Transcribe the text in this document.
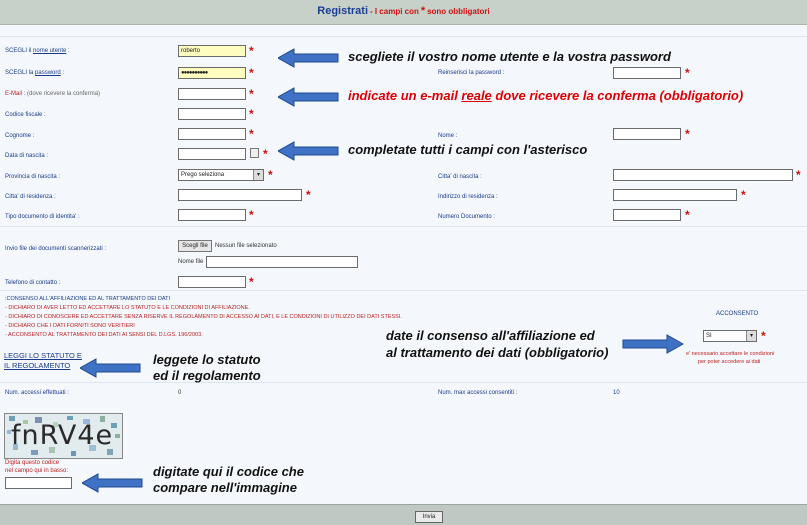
Registrati - I campi con * sono obbligatori
SCEGLI il nome utente :	roberto	*
SCEGLI la password :	●●●●●●●●●●	*	Reinserisci la password :	*
E-Mail : (dove ricevere la conferma)	*
Codice fiscale :	*
Cognome :	*	Nome :	*
Data di nascita :	*
Provincia di nascita :	Prego seleziona	▾ *	Citta' di nascita :	*
Citta' di residenza :	*	Indirizzo di residenza :	*
Tipo documento di identita' :	*	Numero Documento :	*
Invio file dei documenti scannerizzati :	Scegli file	Nessun file selezionato
Nome file
Telefono di contatto :	*
:CONSENSO ALL'AFFILIAZIONE ED AL TRATTAMENTO DEI DATI
- DICHIARO DI AVER LETTO ED ACCETTARE LO STATUTO E LE CONDIZIONI DI AFFILIAZIONE.
- DICHIARO DI CONOSCERE ED ACCETTARE SENZA RISERVE IL REGOLAMENTO DI ACCESSO AI DATI, E LE CONDIZIONI DI UTILIZZO DEI DATI STESSI.
- DICHIARO CHE I DATI FORNITI SONO VERITIERI
- ACCONSENTO AL TRATTAMENTO DEI DATI AI SENSI DEL D.LGS. 196/2003.
ACCONSENTO
SI	▾ *
e' necessario accettare le condizioni
per poter accedere ai dati
LEGGI LO STATUTO E
IL REGOLAMENTO
Num. accessi effettuati :	0	Num. max accessi consentiti :	10
fnRV4e
Digita questo codice
nel campo qui in basso:
scegliete il vostro nome utente e la vostra password
indicate un e-mail reale dove ricevere la conferma (obbligatorio)
completate tutti i campi con l'asterisco
date il consenso all'affiliazione ed
al trattamento dei dati (obbligatorio)
leggete lo statuto
ed il regolamento
digitate qui il codice che
compare nell'immagine
Invia
